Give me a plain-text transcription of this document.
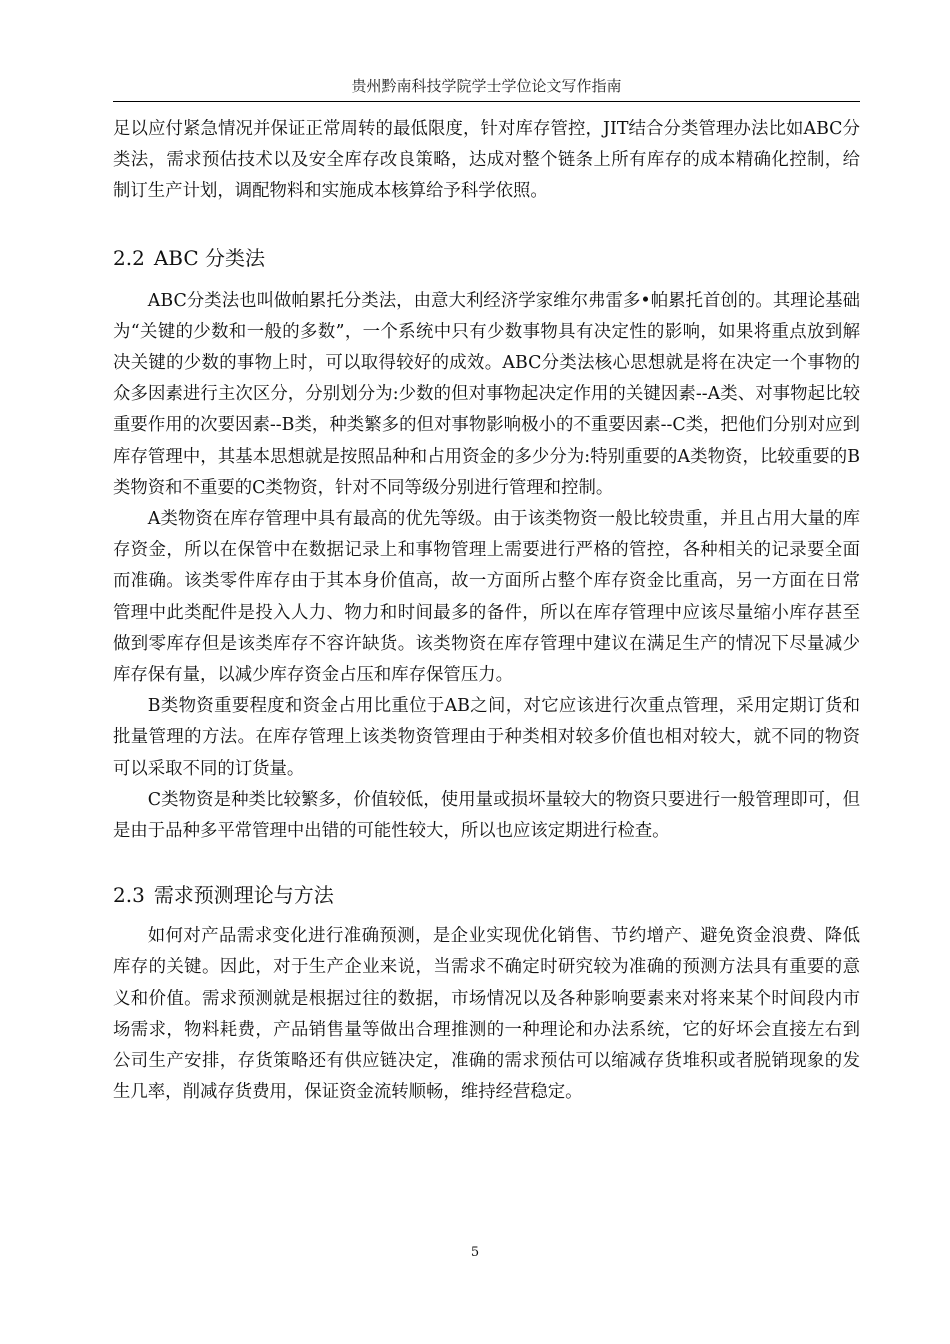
贵州黔南科技学院学士学位论文写作指南

足以应付紧急情况并保证正常周转的最低限度，针对库存管控，JIT结合分类管理办法比如ABC分类法，需求预估技术以及安全库存改良策略，达成对整个链条上所有库存的成本精确化控制，给制订生产计划，调配物料和实施成本核算给予科学依照。

2.2 ABC 分类法

ABC分类法也叫做帕累托分类法，由意大利经济学家维尔弗雷多•帕累托首创的。其理论基础为“关键的少数和一般的多数”，一个系统中只有少数事物具有决定性的影响，如果将重点放到解决关键的少数的事物上时，可以取得较好的成效。ABC分类法核心思想就是将在决定一个事物的众多因素进行主次区分，分别划分为:少数的但对事物起决定作用的关键因素--A类、对事物起比较重要作用的次要因素--B类，种类繁多的但对事物影响极小的不重要因素--C类，把他们分别对应到库存管理中，其基本思想就是按照品种和占用资金的多少分为:特别重要的A类物资，比较重要的B类物资和不重要的C类物资，针对不同等级分别进行管理和控制。

A类物资在库存管理中具有最高的优先等级。由于该类物资一般比较贵重，并且占用大量的库存资金，所以在保管中在数据记录上和事物管理上需要进行严格的管控，各种相关的记录要全面而准确。该类零件库存由于其本身价值高，故一方面所占整个库存资金比重高，另一方面在日常管理中此类配件是投入人力、物力和时间最多的备件，所以在库存管理中应该尽量缩小库存甚至做到零库存但是该类库存不容许缺货。该类物资在库存管理中建议在满足生产的情况下尽量减少库存保有量，以减少库存资金占压和库存保管压力。

B类物资重要程度和资金占用比重位于AB之间，对它应该进行次重点管理，采用定期订货和批量管理的方法。在库存管理上该类物资管理由于种类相对较多价值也相对较大，就不同的物资可以采取不同的订货量。

C类物资是种类比较繁多，价值较低，使用量或损坏量较大的物资只要进行一般管理即可，但是由于品种多平常管理中出错的可能性较大，所以也应该定期进行检查。

2.3 需求预测理论与方法

如何对产品需求变化进行准确预测，是企业实现优化销售、节约增产、避免资金浪费、降低库存的关键。因此，对于生产企业来说，当需求不确定时研究较为准确的预测方法具有重要的意义和价值。需求预测就是根据过往的数据，市场情况以及各种影响要素来对将来某个时间段内市场需求，物料耗费，产品销售量等做出合理推测的一种理论和办法系统，它的好坏会直接左右到公司生产安排，存货策略还有供应链决定，准确的需求预估可以缩减存货堆积或者脱销现象的发生几率，削减存货费用，保证资金流转顺畅，维持经营稳定。

5
